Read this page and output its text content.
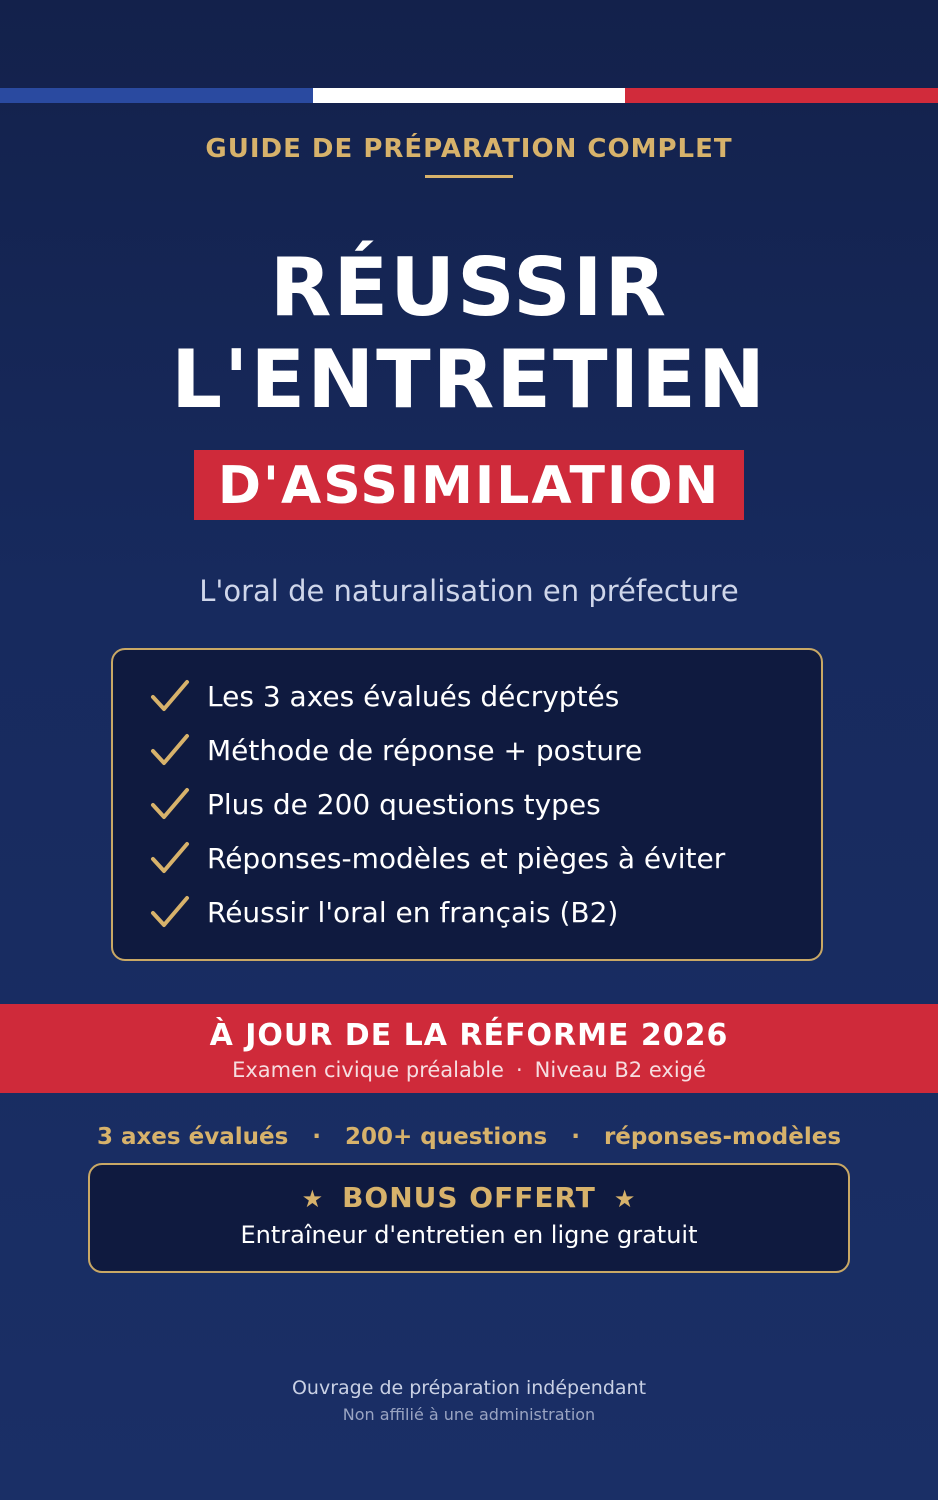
GUIDE DE PRÉPARATION COMPLET
RÉUSSIR
L'ENTRETIEN
D'ASSIMILATION
L'oral de naturalisation en préfecture
Les 3 axes évalués décryptés
Méthode de réponse + posture
Plus de 200 questions types
Réponses-modèles et pièges à éviter
Réussir l'oral en français (B2)
À JOUR DE LA RÉFORME 2026
Examen civique préalable · Niveau B2 exigé
3 axes évalués · 200+ questions · réponses-modèles
★ BONUS OFFERT ★
Entraîneur d'entretien en ligne gratuit
Ouvrage de préparation indépendant
Non affilié à une administration
